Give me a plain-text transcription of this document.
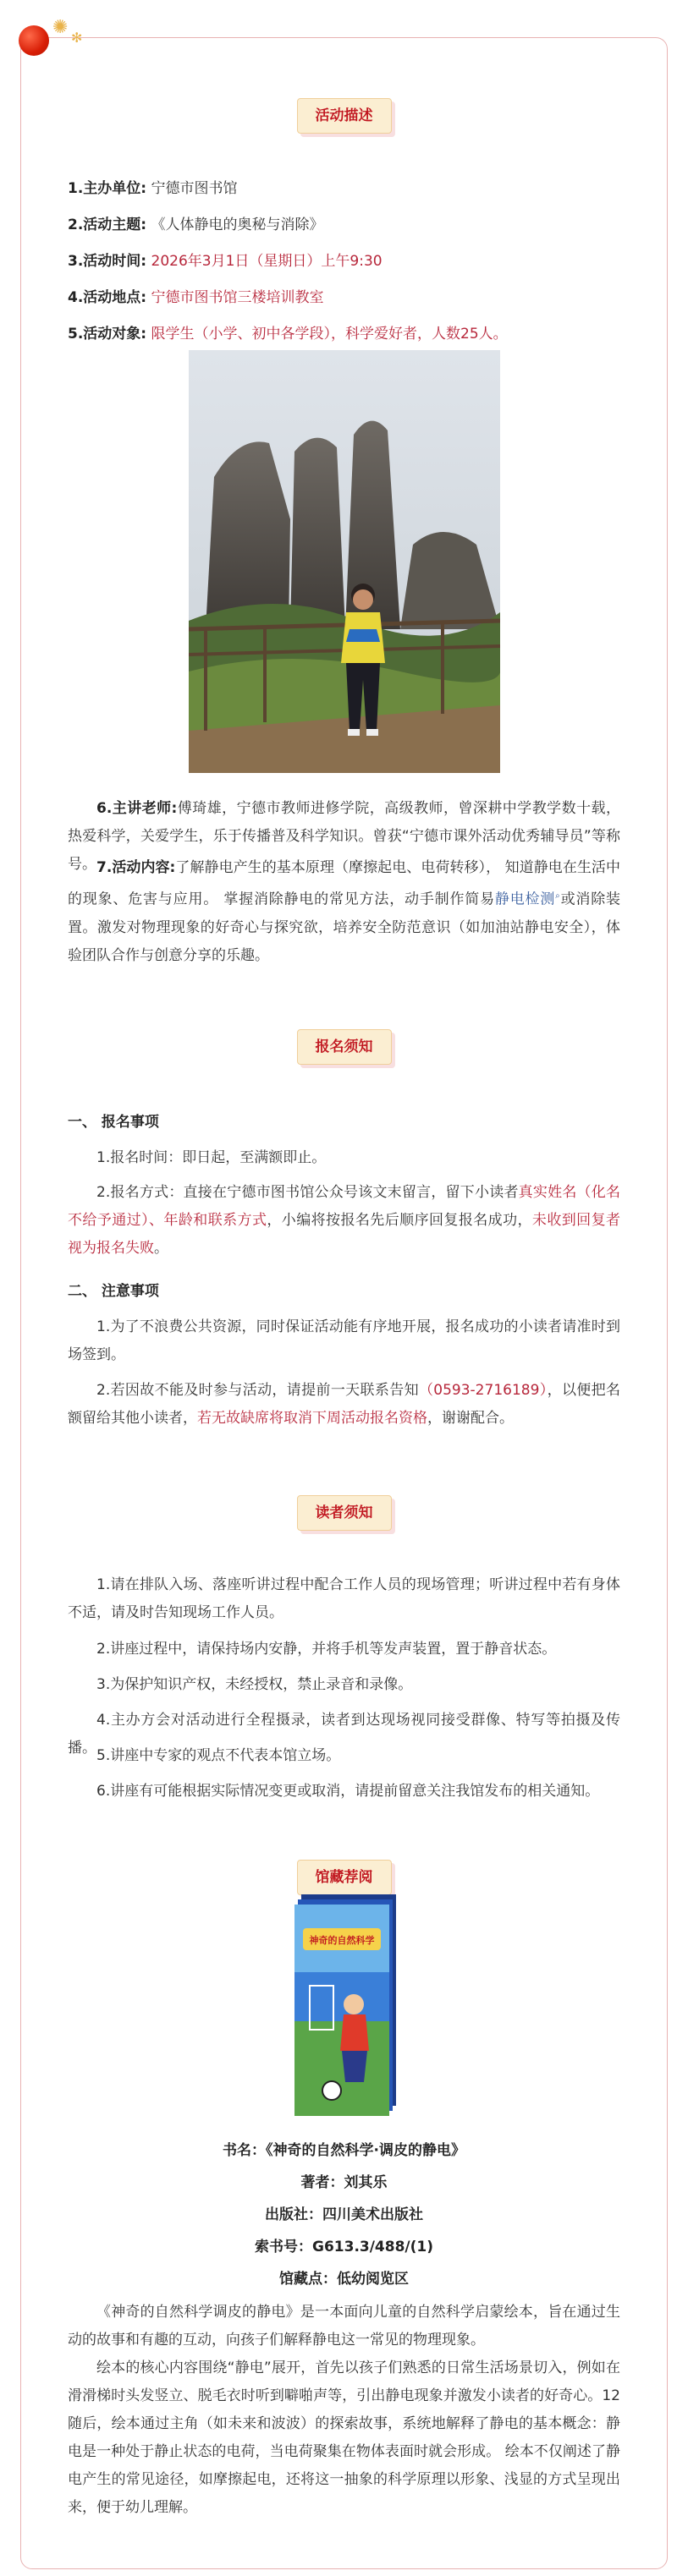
✺ ✻
活动描述
1.主办单位: 宁德市图书馆
2.活动主题: 《人体静电的奥秘与消除》
3.活动时间: 2026年3月1日（星期日）上午9:30
4.活动地点: 宁德市图书馆三楼培训教室
5.活动对象: 限学生（小学、初中各学段），科学爱好者，人数25人。
6.主讲老师:傅琦雄，宁德市教师进修学院，高级教师，曾深耕中学教学数十载，热爱科学，关爱学生，乐于传播普及科学知识。曾获“宁德市课外活动优秀辅导员”等称号。 7.活动内容:了解静电产生的基本原理（摩擦起电、电荷转移）， 知道静电在生活中的现象、危害与应用。 掌握消除静电的常见方法，动手制作简易静电检测⌕或消除装置。激发对物理现象的好奇心与探究欲，培养安全防范意识（如加油站静电安全），体验团队合作与创意分享的乐趣。
报名须知
一、 报名事项
1.报名时间：即日起，至满额即止。
2.报名方式：直接在宁德市图书馆公众号该文末留言，留下小读者真实姓名（化名不给予通过）、年龄和联系方式，小编将按报名先后顺序回复报名成功，未收到回复者视为报名失败。
二、 注意事项
1.为了不浪费公共资源，同时保证活动能有序地开展，报名成功的小读者请准时到场签到。
2.若因故不能及时参与活动，请提前一天联系告知（0593-2716189），以便把名额留给其他小读者，若无故缺席将取消下周活动报名资格，谢谢配合。
读者须知
1.请在排队入场、落座听讲过程中配合工作人员的现场管理；听讲过程中若有身体不适，请及时告知现场工作人员。
2.讲座过程中，请保持场内安静，并将手机等发声装置，置于静音状态。
3.为保护知识产权，未经授权，禁止录音和录像。
4.主办方会对活动进行全程摄录，读者到达现场视同接受群像、特写等拍摄及传播。 5.讲座中专家的观点不代表本馆立场。
6.讲座有可能根据实际情况变更或取消，请提前留意关注我馆发布的相关通知。
馆藏荐阅
神奇的自然科学
书名：《神奇的自然科学·调皮的静电》
著者：刘其乐
出版社：四川美术出版社
索书号：G613.3/488/(1)
馆藏点：低幼阅览区
《神奇的自然科学调皮的静电》是一本面向儿童的自然科学启蒙绘本，旨在通过生动的故事和有趣的互动，向孩子们解释静电这一常见的物理现象。
绘本的核心内容围绕“静电”展开，首先以孩子们熟悉的日常生活场景切入，例如在滑滑梯时头发竖立、脱毛衣时听到噼啪声等，引出静电现象并激发小读者的好奇心。12随后，绘本通过主角（如未来和波波）的探索故事，系统地解释了静电的基本概念：静电是一种处于静止状态的电荷，当电荷聚集在物体表面时就会形成。 绘本不仅阐述了静电产生的常见途径，如摩擦起电，还将这一抽象的科学原理以形象、浅显的方式呈现出来，便于幼儿理解。
